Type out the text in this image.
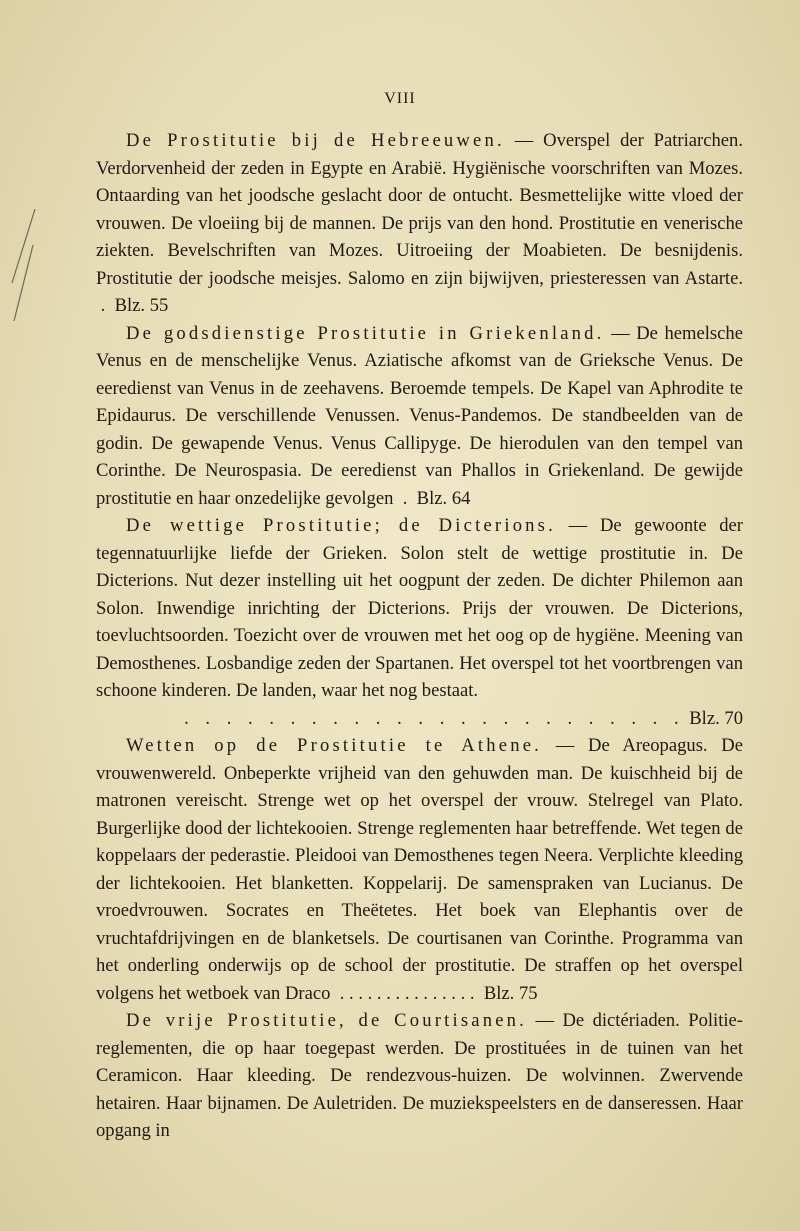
VIII

De Prostitutie bij de Hebreeuwen. — Overspel der Patriarchen. Verdorvenheid der zeden in Egypte en Arabië. Hygiënische voorschriften van Mozes. Ontaarding van het joodsche geslacht door de ontucht. Besmettelijke witte vloed der vrouwen. De vloeiing bij de mannen. De prijs van den hond. Prostitutie en venerische ziekten. Bevelschriften van Mozes. Uitroeiing der Moabieten. De besnijdenis. Prostitutie der joodsche meisjes. Salomo en zijn bijwijven, priesteressen van Astarte.  . Blz. 55

De godsdienstige Prostitutie in Griekenland. — De hemelsche Venus en de menschelijke Venus. Aziatische afkomst van de Grieksche Venus. De eeredienst van Venus in de zeehavens. Beroemde tempels. De Kapel van Aphrodite te Epidaurus. De verschillende Venussen. Venus-Pandemos. De standbeelden van de godin. De gewapende Venus. Venus Callipyge. De hierodulen van den tempel van Corinthe. De Neurospasia. De eeredienst van Phallos in Griekenland. De gewijde prostitutie en haar onzedelijke gevolgen . Blz. 64

De wettige Prostitutie; de Dicterions. — De gewoonte der tegennatuurlijke liefde der Grieken. Solon stelt de wettige prostitutie in. De Dicterions. Nut dezer instelling uit het oogpunt der zeden. De dichter Philemon aan Solon. Inwendige inrichting der Dicterions. Prijs der vrouwen. De Dicterions, toevluchtsoorden. Toezicht over de vrouwen met het oog op de hygiëne. Meening van Demosthenes. Losbandige zeden der Spartanen. Het overspel tot het voortbrengen van schoone kinderen. De landen, waar het nog bestaat.
. . . . . . . . . . . . . . . . . . . . . . . . Blz. 70

Wetten op de Prostitutie te Athene. — De Areopagus. De vrouwenwereld. Onbeperkte vrijheid van den gehuwden man. De kuischheid bij de matronen vereischt. Strenge wet op het overspel der vrouw. Stelregel van Plato. Burgerlijke dood der lichtekooien. Strenge reglementen haar betreffende. Wet tegen de koppelaars der pederastie. Pleidooi van Demosthenes tegen Neera. Verplichte kleeding der lichtekooien. Het blanketten. Koppelarij. De samenspraken van Lucianus. De vroedvrouwen. Socrates en Theëtetes. Het boek van Elephantis over de vruchtafdrijvingen en de blanketsels. De courtisanen van Corinthe. Programma van het onderling onderwijs op de school der prostitutie. De straffen op het overspel volgens het wetboek van Draco . . . . . . . . . . . . . . . Blz. 75

De vrije Prostitutie, de Courtisanen. — De dictériaden. Politie-reglementen, die op haar toegepast werden. De prostituées in de tuinen van het Ceramicon. Haar kleeding. De rendezvous-huizen. De wolvinnen. Zwervende hetairen. Haar bijnamen. De Auletriden. De muziekspeelsters en de danseressen. Haar opgang in
